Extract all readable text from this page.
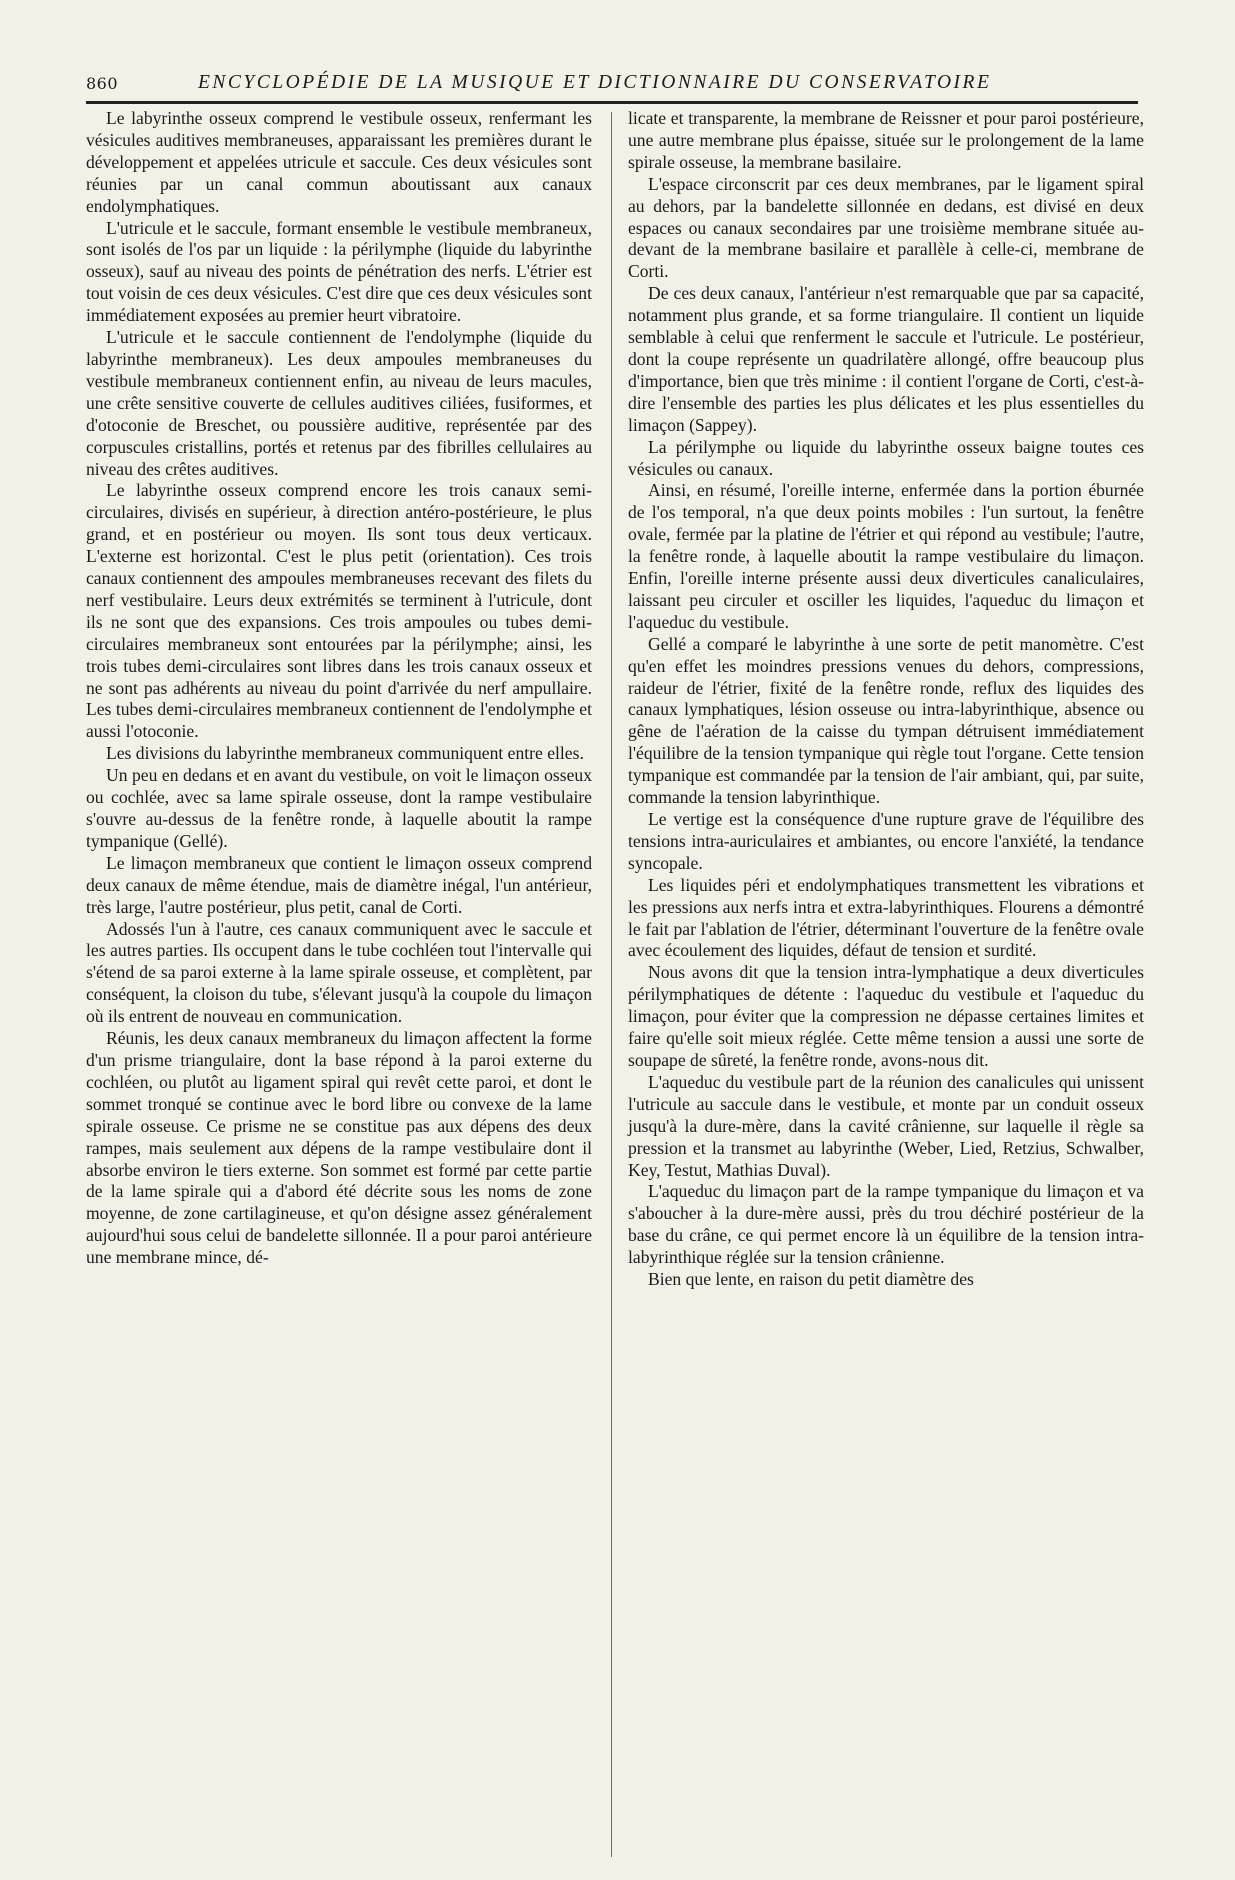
860	ENCYCLOPÉDIE DE LA MUSIQUE ET DICTIONNAIRE DU CONSERVATOIRE

Le labyrinthe osseux comprend le vestibule osseux, renfermant les vésicules auditives membraneuses, apparaissant les premières durant le développement et appelées utricule et saccule. Ces deux vésicules sont réunies par un canal commun aboutissant aux canaux endolymphatiques.

L'utricule et le saccule, formant ensemble le vestibule membraneux, sont isolés de l'os par un liquide : la périlymphe (liquide du labyrinthe osseux), sauf au niveau des points de pénétration des nerfs. L'étrier est tout voisin de ces deux vésicules. C'est dire que ces deux vésicules sont immédiatement exposées au premier heurt vibratoire.

L'utricule et le saccule contiennent de l'endolymphe (liquide du labyrinthe membraneux). Les deux ampoules membraneuses du vestibule membraneux contiennent enfin, au niveau de leurs macules, une crête sensitive couverte de cellules auditives ciliées, fusiformes, et d'otoconie de Breschet, ou poussière auditive, représentée par des corpuscules cristallins, portés et retenus par des fibrilles cellulaires au niveau des crêtes auditives.

Le labyrinthe osseux comprend encore les trois canaux semi-circulaires, divisés en supérieur, à direction antéro-postérieure, le plus grand, et en postérieur ou moyen. Ils sont tous deux verticaux. L'externe est horizontal. C'est le plus petit (orientation). Ces trois canaux contiennent des ampoules membraneuses recevant des filets du nerf vestibulaire. Leurs deux extrémités se terminent à l'utricule, dont ils ne sont que des expansions. Ces trois ampoules ou tubes demi-circulaires membraneux sont entourées par la périlymphe; ainsi, les trois tubes demi-circulaires sont libres dans les trois canaux osseux et ne sont pas adhérents au niveau du point d'arrivée du nerf ampullaire. Les tubes demi-circulaires membraneux contiennent de l'endolymphe et aussi l'otoconie.

Les divisions du labyrinthe membraneux communiquent entre elles.

Un peu en dedans et en avant du vestibule, on voit le limaçon osseux ou cochlée, avec sa lame spirale osseuse, dont la rampe vestibulaire s'ouvre au-dessus de la fenêtre ronde, à laquelle aboutit la rampe tympanique (Gellé).

Le limaçon membraneux que contient le limaçon osseux comprend deux canaux de même étendue, mais de diamètre inégal, l'un antérieur, très large, l'autre postérieur, plus petit, canal de Corti.

Adossés l'un à l'autre, ces canaux communiquent avec le saccule et les autres parties. Ils occupent dans le tube cochléen tout l'intervalle qui s'étend de sa paroi externe à la lame spirale osseuse, et complètent, par conséquent, la cloison du tube, s'élevant jusqu'à la coupole du limaçon où ils entrent de nouveau en communication.

Réunis, les deux canaux membraneux du limaçon affectent la forme d'un prisme triangulaire, dont la base répond à la paroi externe du cochléen, ou plutôt au ligament spiral qui revêt cette paroi, et dont le sommet tronqué se continue avec le bord libre ou convexe de la lame spirale osseuse. Ce prisme ne se constitue pas aux dépens des deux rampes, mais seulement aux dépens de la rampe vestibulaire dont il absorbe environ le tiers externe. Son sommet est formé par cette partie de la lame spirale qui a d'abord été décrite sous les noms de zone moyenne, de zone cartilagineuse, et qu'on désigne assez généralement aujourd'hui sous celui de bandelette sillonnée. Il a pour paroi antérieure une membrane mince, dé-

licate et transparente, la membrane de Reissner et pour paroi postérieure, une autre membrane plus épaisse, située sur le prolongement de la lame spirale osseuse, la membrane basilaire.

L'espace circonscrit par ces deux membranes, par le ligament spiral au dehors, par la bandelette sillonnée en dedans, est divisé en deux espaces ou canaux secondaires par une troisième membrane située au-devant de la membrane basilaire et parallèle à celle-ci, membrane de Corti.

De ces deux canaux, l'antérieur n'est remarquable que par sa capacité, notamment plus grande, et sa forme triangulaire. Il contient un liquide semblable à celui que renferment le saccule et l'utricule. Le postérieur, dont la coupe représente un quadrilatère allongé, offre beaucoup plus d'importance, bien que très minime : il contient l'organe de Corti, c'est-à-dire l'ensemble des parties les plus délicates et les plus essentielles du limaçon (Sappey).

La périlymphe ou liquide du labyrinthe osseux baigne toutes ces vésicules ou canaux.

Ainsi, en résumé, l'oreille interne, enfermée dans la portion éburnée de l'os temporal, n'a que deux points mobiles : l'un surtout, la fenêtre ovale, fermée par la platine de l'étrier et qui répond au vestibule; l'autre, la fenêtre ronde, à laquelle aboutit la rampe vestibulaire du limaçon. Enfin, l'oreille interne présente aussi deux diverticules canaliculaires, laissant peu circuler et osciller les liquides, l'aqueduc du limaçon et l'aqueduc du vestibule.

Gellé a comparé le labyrinthe à une sorte de petit manomètre. C'est qu'en effet les moindres pressions venues du dehors, compressions, raideur de l'étrier, fixité de la fenêtre ronde, reflux des liquides des canaux lymphatiques, lésion osseuse ou intra-labyrinthique, absence ou gêne de l'aération de la caisse du tympan détruisent immédiatement l'équilibre de la tension tympanique qui règle tout l'organe. Cette tension tympanique est commandée par la tension de l'air ambiant, qui, par suite, commande la tension labyrinthique.

Le vertige est la conséquence d'une rupture grave de l'équilibre des tensions intra-auriculaires et ambiantes, ou encore l'anxiété, la tendance syncopale.

Les liquides péri et endolymphatiques transmettent les vibrations et les pressions aux nerfs intra et extra-labyrinthiques. Flourens a démontré le fait par l'ablation de l'étrier, déterminant l'ouverture de la fenêtre ovale avec écoulement des liquides, défaut de tension et surdité.

Nous avons dit que la tension intra-lymphatique a deux diverticules périlymphatiques de détente : l'aqueduc du vestibule et l'aqueduc du limaçon, pour éviter que la compression ne dépasse certaines limites et faire qu'elle soit mieux réglée. Cette même tension a aussi une sorte de soupape de sûreté, la fenêtre ronde, avons-nous dit.

L'aqueduc du vestibule part de la réunion des canalicules qui unissent l'utricule au saccule dans le vestibule, et monte par un conduit osseux jusqu'à la dure-mère, dans la cavité crânienne, sur laquelle il règle sa pression et la transmet au labyrinthe (Weber, Lied, Retzius, Schwalber, Key, Testut, Mathias Duval).

L'aqueduc du limaçon part de la rampe tympanique du limaçon et va s'aboucher à la dure-mère aussi, près du trou déchiré postérieur de la base du crâne, ce qui permet encore là un équilibre de la tension intra-labyrinthique réglée sur la tension crânienne.

Bien que lente, en raison du petit diamètre des
